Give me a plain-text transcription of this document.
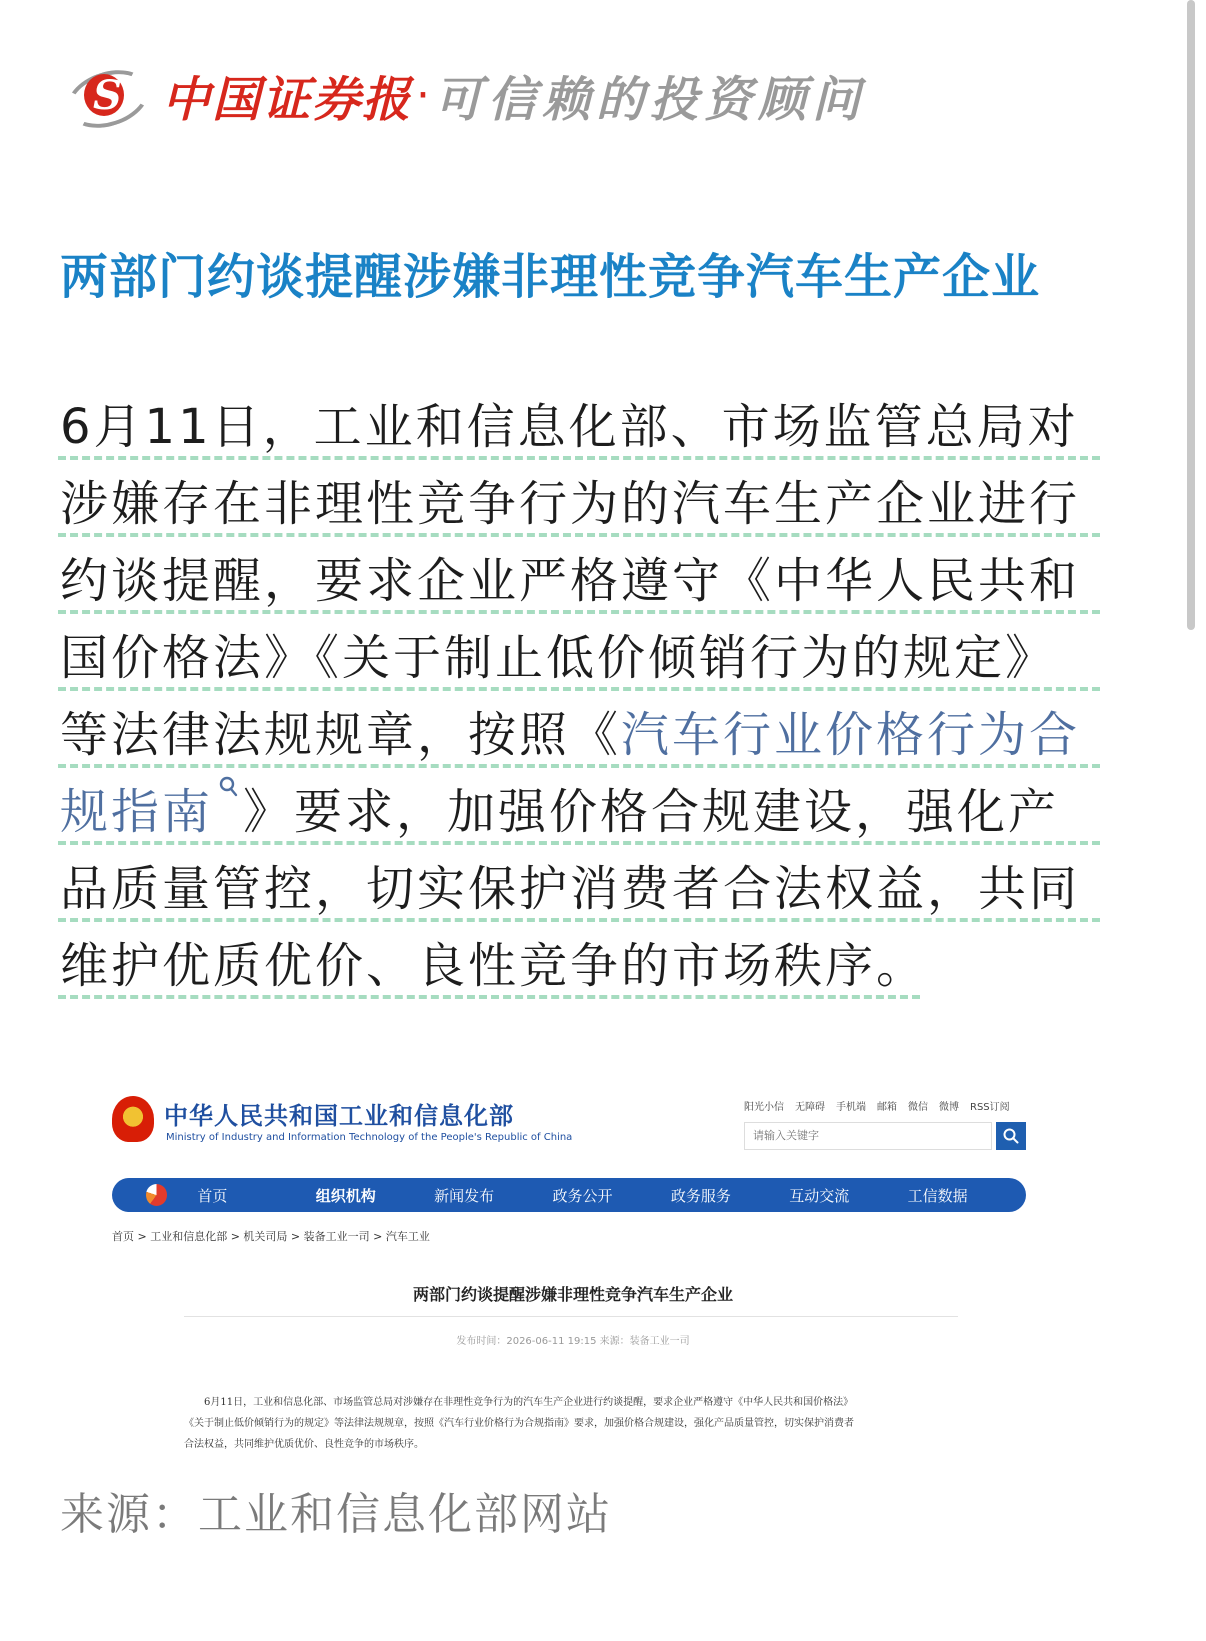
S
中国证券报 · 可信赖的投资顾问
两部门约谈提醒涉嫌非理性竞争汽车生产企业
6月11日，工业和信息化部、市场监管总局对
涉嫌存在非理性竞争行为的汽车生产企业进行
约谈提醒，要求企业严格遵守《中华人民共和
国价格法》《关于制止低价倾销行为的规定》
等法律法规规章，按照《汽车行业价格行为合
规指南 》要求，加强价格合规建设，强化产
品质量管控，切实保护消费者合法权益，共同
维护优质优价、良性竞争的市场秩序。
中华人民共和国工业和信息化部
Ministry of Industry and Information Technology of the People's Republic of China
阳光小信 无障碍 手机端 邮箱 微信 微博 RSS订阅
请输入关键字
首页	组织机构	新闻发布	政务公开	政务服务	互动交流	工信数据
首页 > 工业和信息化部 > 机关司局 > 装备工业一司 > 汽车工业
两部门约谈提醒涉嫌非理性竞争汽车生产企业
发布时间：2026-06-11 19:15 来源：装备工业一司
6月11日，工业和信息化部、市场监管总局对涉嫌存在非理性竞争行为的汽车生产企业进行约谈提醒，要求企业严格遵守《中华人民共和国价格法》
《关于制止低价倾销行为的规定》等法律法规规章，按照《汽车行业价格行为合规指南》要求，加强价格合规建设，强化产品质量管控，切实保护消费者
合法权益，共同维护优质优价、良性竞争的市场秩序。
来源：工业和信息化部网站
